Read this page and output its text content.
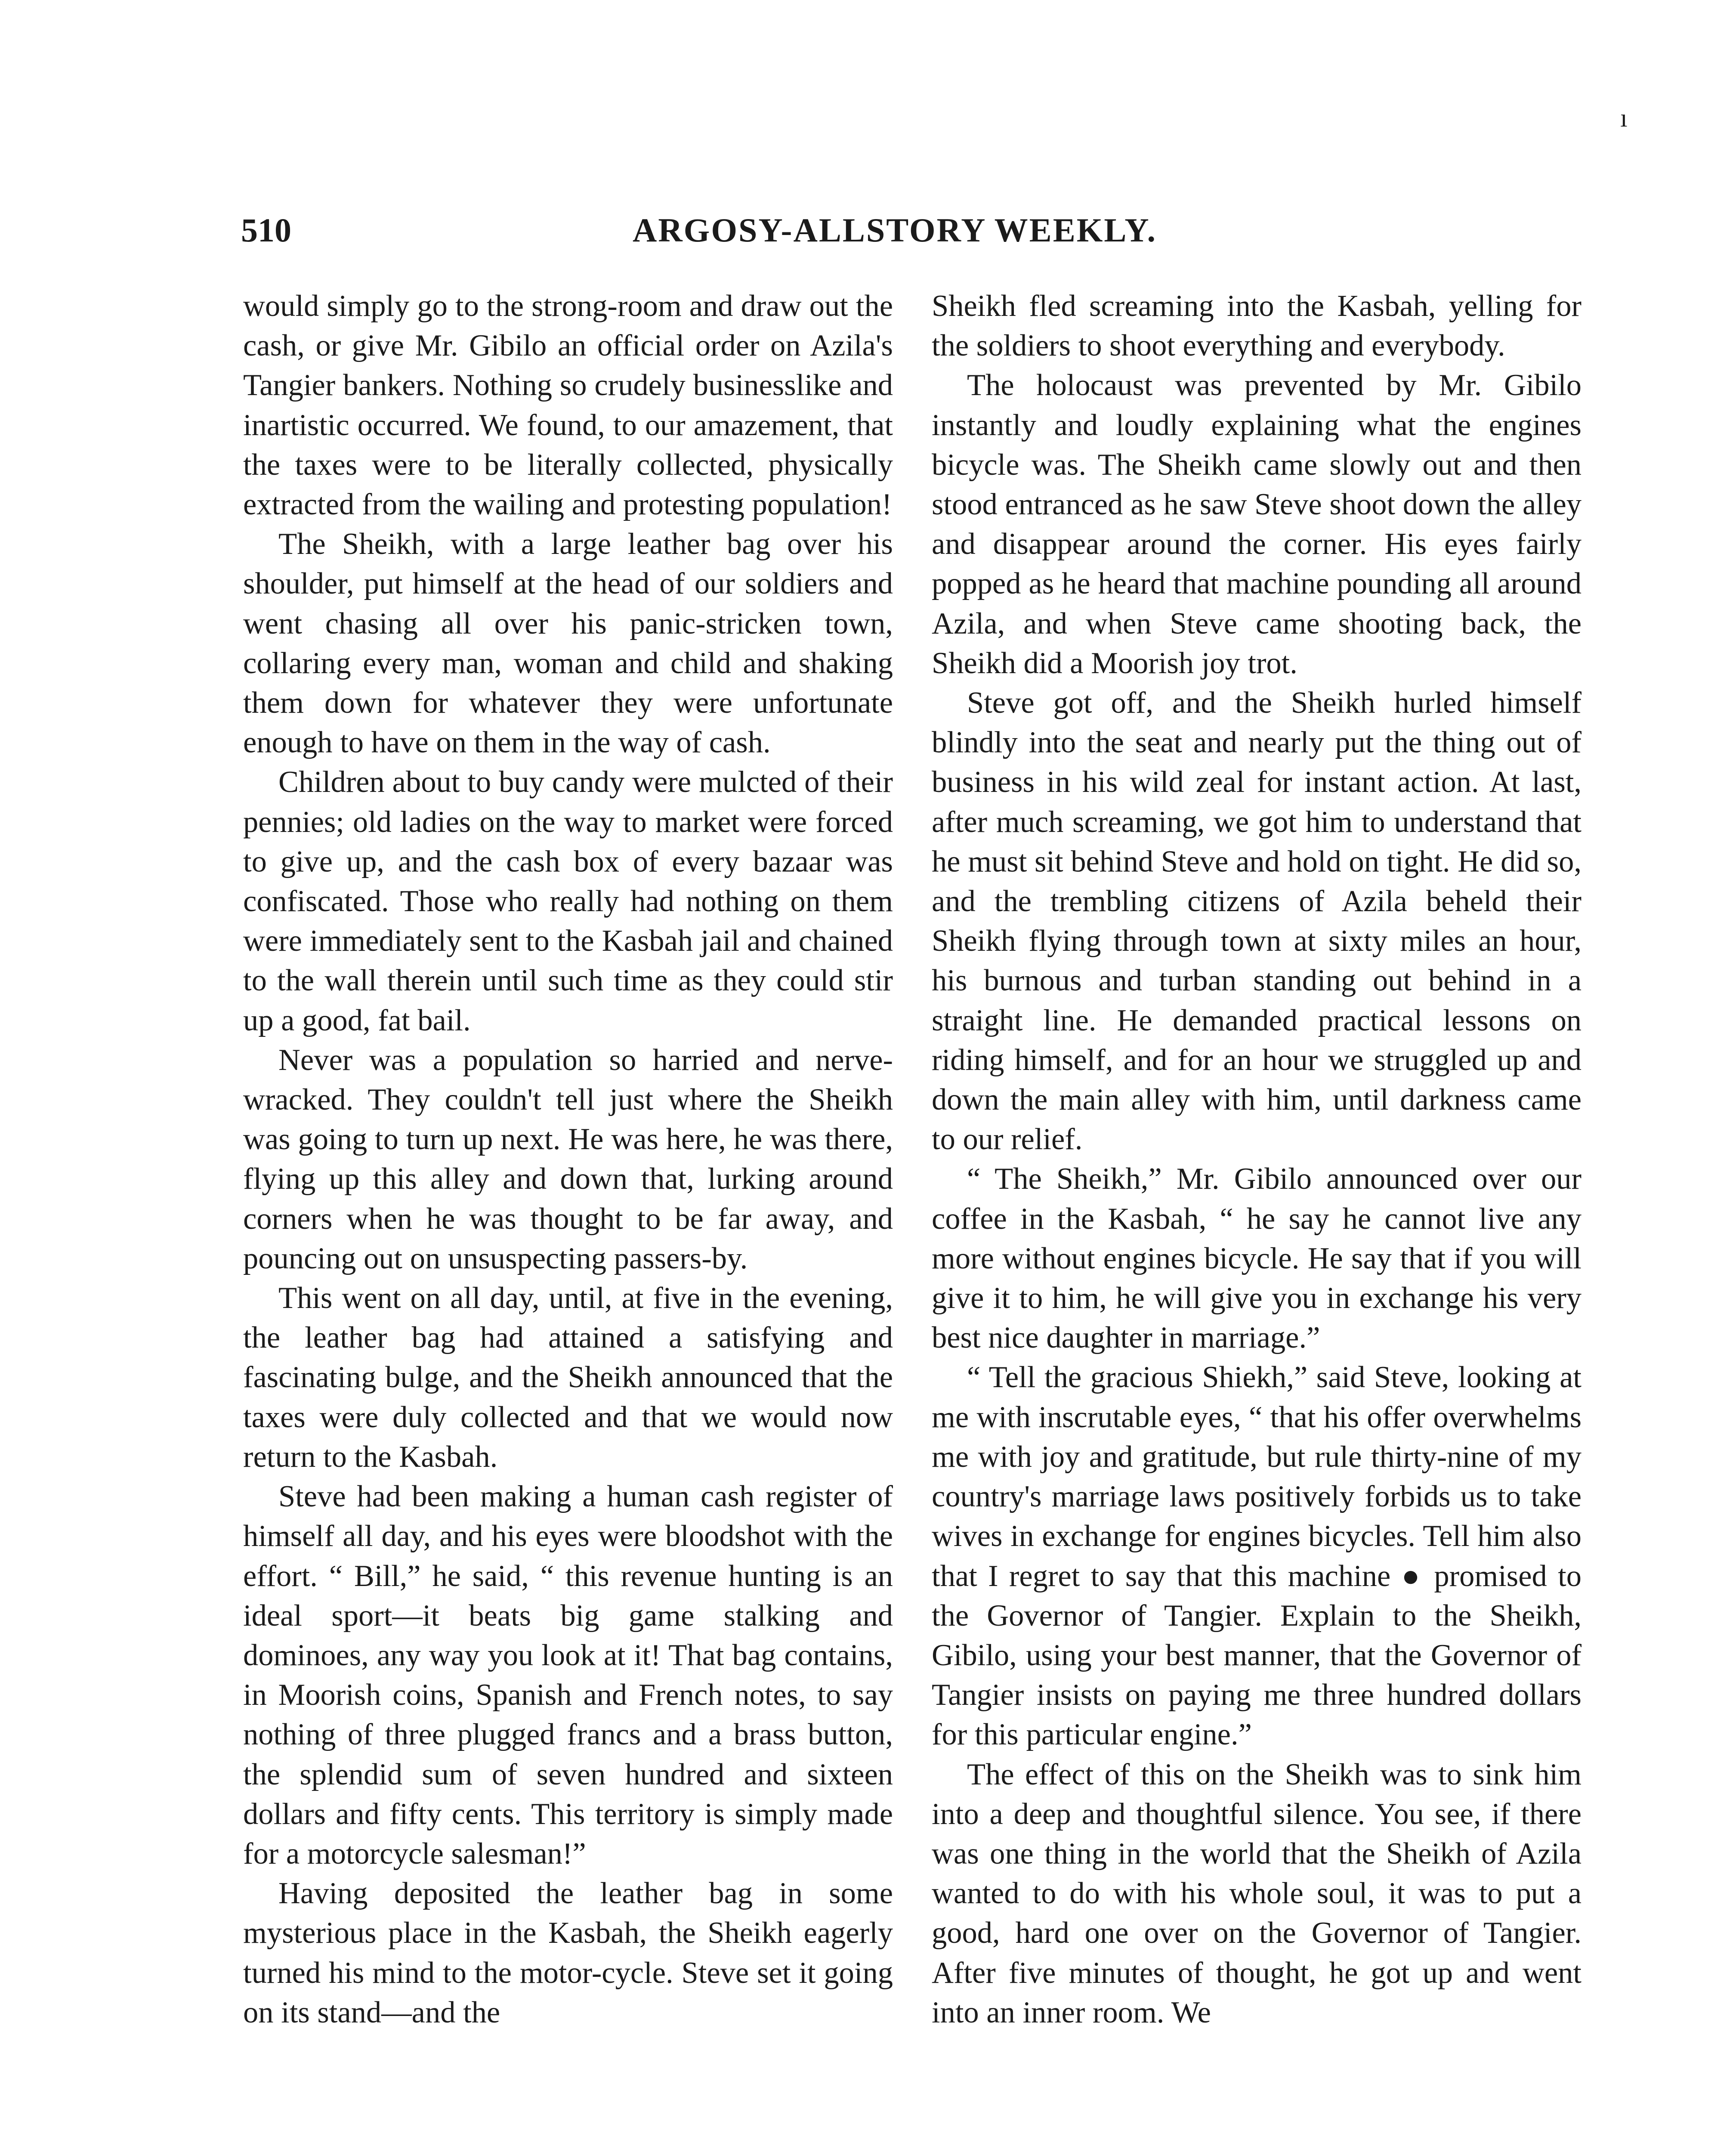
ı
510	ARGOSY-ALLSTORY WEEKLY.

would simply go to the strong-room and draw out the cash, or give Mr. Gibilo an official order on Azila's Tangier bankers. Nothing so crudely businesslike and inartistic occurred. We found, to our amazement, that the taxes were to be literally collected, physically extracted from the wailing and protesting population!

The Sheikh, with a large leather bag over his shoulder, put himself at the head of our soldiers and went chasing all over his panic-stricken town, collaring every man, woman and child and shaking them down for whatever they were unfortunate enough to have on them in the way of cash.

Children about to buy candy were mulcted of their pennies; old ladies on the way to market were forced to give up, and the cash box of every bazaar was confiscated. Those who really had nothing on them were immediately sent to the Kasbah jail and chained to the wall therein until such time as they could stir up a good, fat bail.

Never was a population so harried and nerve-wracked. They couldn't tell just where the Sheikh was going to turn up next. He was here, he was there, flying up this alley and down that, lurking around corners when he was thought to be far away, and pouncing out on unsuspecting passers-by.

This went on all day, until, at five in the evening, the leather bag had attained a satisfying and fascinating bulge, and the Sheikh announced that the taxes were duly collected and that we would now return to the Kasbah.

Steve had been making a human cash register of himself all day, and his eyes were bloodshot with the effort. “ Bill,” he said, “ this revenue hunting is an ideal sport—it beats big game stalking and dominoes, any way you look at it! That bag contains, in Moorish coins, Spanish and French notes, to say nothing of three plugged francs and a brass button, the splendid sum of seven hundred and sixteen dollars and fifty cents. This territory is simply made for a motorcycle salesman!”

Having deposited the leather bag in some mysterious place in the Kasbah, the Sheikh eagerly turned his mind to the motor-cycle. Steve set it going on its stand—and the

Sheikh fled screaming into the Kasbah, yelling for the soldiers to shoot everything and everybody.

The holocaust was prevented by Mr. Gibilo instantly and loudly explaining what the engines bicycle was. The Sheikh came slowly out and then stood entranced as he saw Steve shoot down the alley and disappear around the corner. His eyes fairly popped as he heard that machine pounding all around Azila, and when Steve came shooting back, the Sheikh did a Moorish joy trot.

Steve got off, and the Sheikh hurled himself blindly into the seat and nearly put the thing out of business in his wild zeal for instant action. At last, after much screaming, we got him to understand that he must sit behind Steve and hold on tight. He did so, and the trembling citizens of Azila beheld their Sheikh flying through town at sixty miles an hour, his burnous and turban standing out behind in a straight line. He demanded practical lessons on riding himself, and for an hour we struggled up and down the main alley with him, until darkness came to our relief.

“ The Sheikh,” Mr. Gibilo announced over our coffee in the Kasbah, “ he say he cannot live any more without engines bicycle. He say that if you will give it to him, he will give you in exchange his very best nice daughter in marriage.”

“ Tell the gracious Shiekh,” said Steve, looking at me with inscrutable eyes, “ that his offer overwhelms me with joy and gratitude, but rule thirty-nine of my country's marriage laws positively forbids us to take wives in exchange for engines bicycles. Tell him also that I regret to say that this machine ● promised to the Governor of Tangier. Explain to the Sheikh, Gibilo, using your best manner, that the Governor of Tangier insists on paying me three hundred dollars for this particular engine.”

The effect of this on the Sheikh was to sink him into a deep and thoughtful silence. You see, if there was one thing in the world that the Sheikh of Azila wanted to do with his whole soul, it was to put a good, hard one over on the Governor of Tangier. After five minutes of thought, he got up and went into an inner room. We
